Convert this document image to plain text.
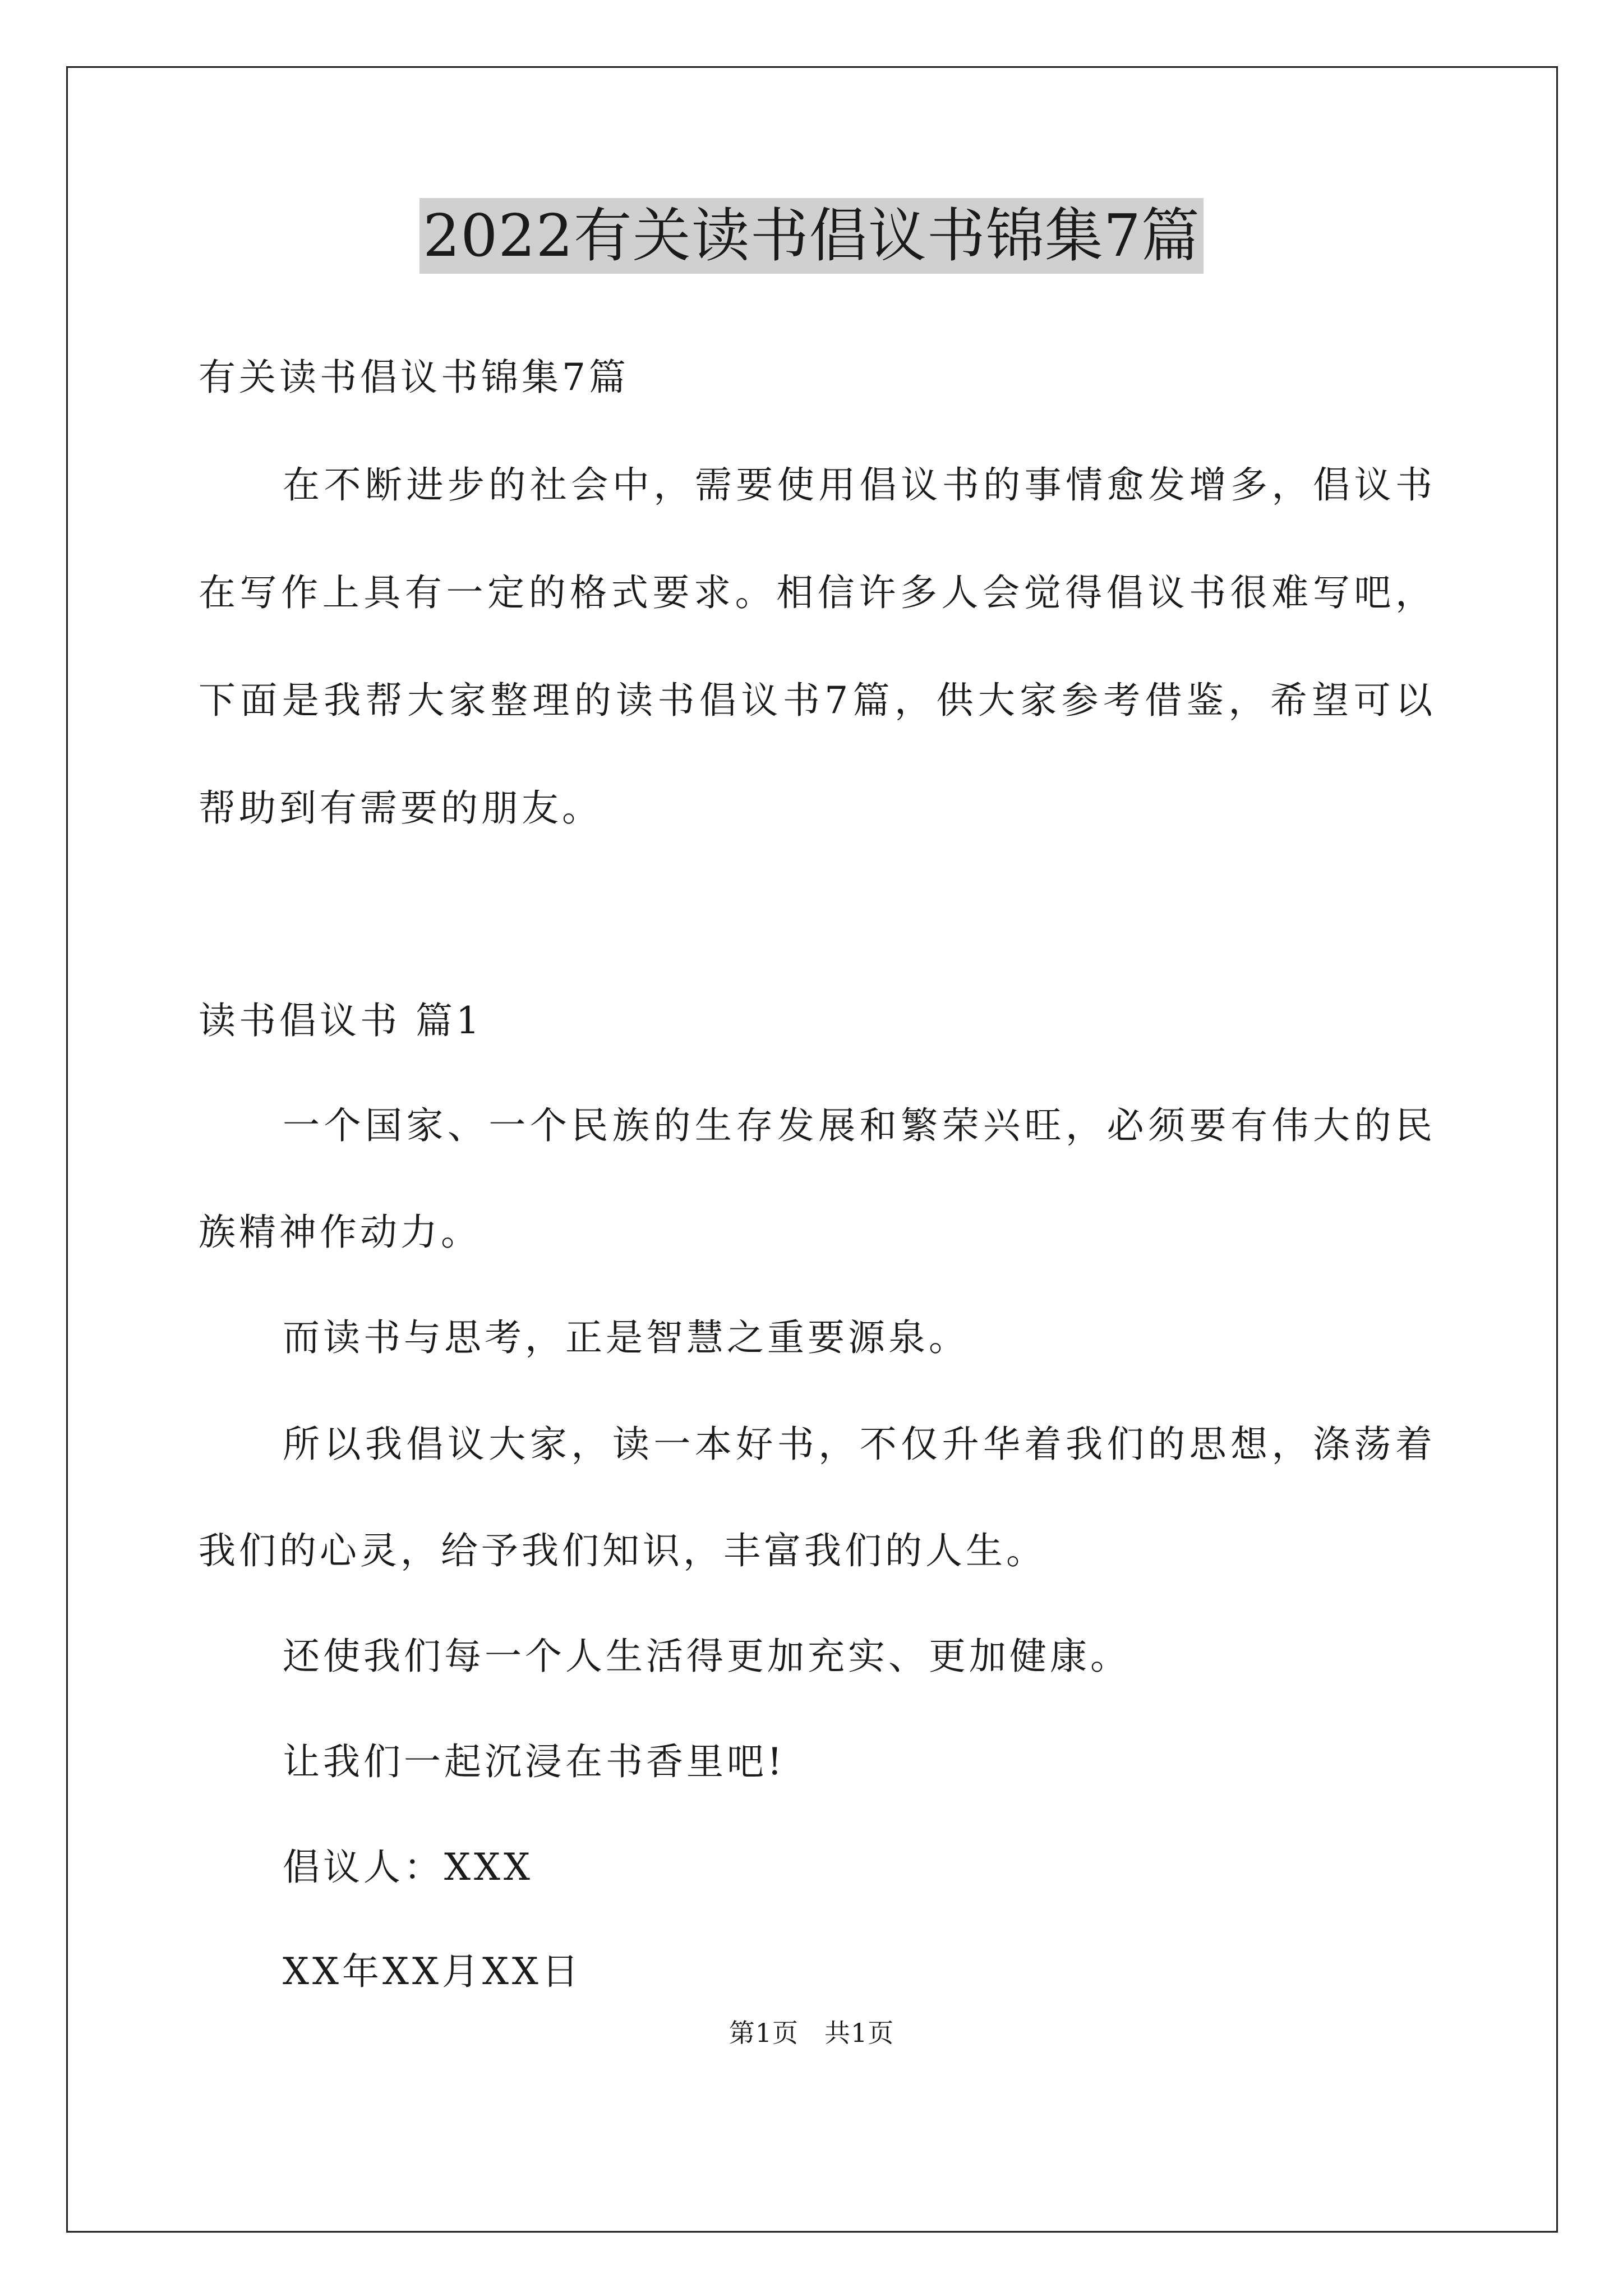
2022有关读书倡议书锦集7篇
有关读书倡议书锦集7篇
在不断进步的社会中，需要使用倡议书的事情愈发增多，倡议书
在写作上具有一定的格式要求。相信许多人会觉得倡议书很难写吧，
下面是我帮大家整理的读书倡议书7篇，供大家参考借鉴，希望可以
帮助到有需要的朋友。
读书倡议书 篇1
一个国家、一个民族的生存发展和繁荣兴旺，必须要有伟大的民
族精神作动力。
而读书与思考，正是智慧之重要源泉。
所以我倡议大家，读一本好书，不仅升华着我们的思想，涤荡着
我们的心灵，给予我们知识，丰富我们的人生。
还使我们每一个人生活得更加充实、更加健康。
让我们一起沉浸在书香里吧!
倡议人：XXX
XX年XX月XX日
第1页 共1页
